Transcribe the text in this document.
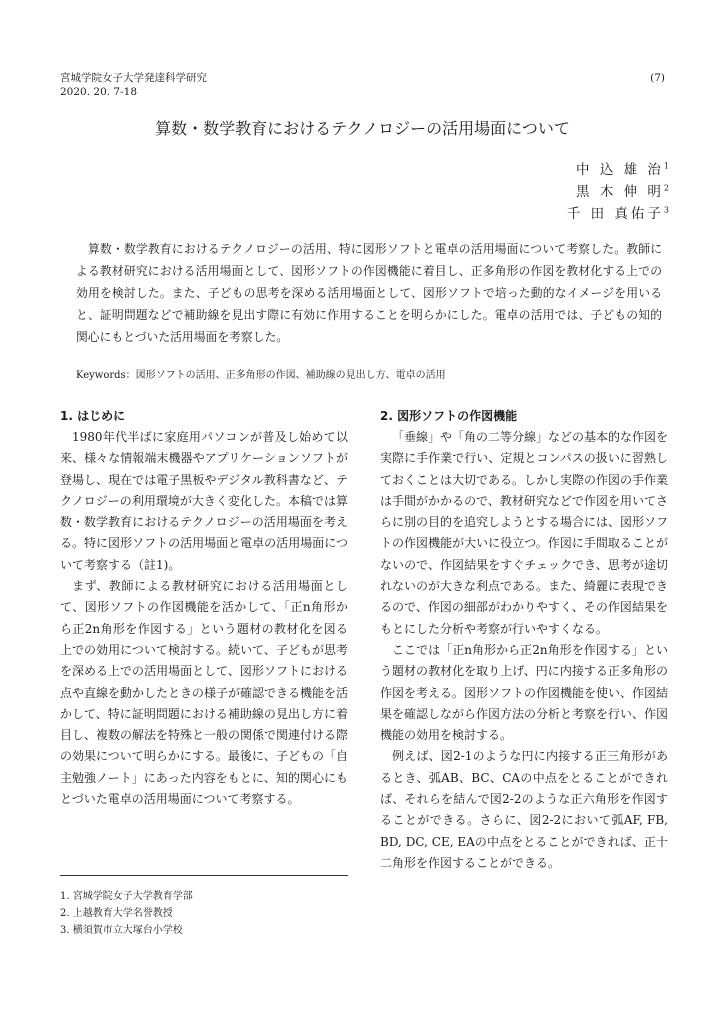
宮城学院女子大学発達科学研究
2020. 20. 7-18
(7)
算数・数学教育におけるテクノロジーの活用場面について
中 込 雄 治$^1$
黒 木 伸 明$^2$
千 田 真佑子$^3$

算数・数学教育におけるテクノロジーの活用、特に図形ソフトと電卓の活用場面について考察した。教師による教材研究における活用場面として、図形ソフトの作図機能に着目し、正多角形の作図を教材化する上での効用を検討した。また、子どもの思考を深める活用場面として、図形ソフトで培った動的なイメージを用いると、証明問題などで補助線を見出す際に有効に作用することを明らかにした。電卓の活用では、子どもの知的関心にもとづいた活用場面を考察した。

Keywords：図形ソフトの活用、正多角形の作図、補助線の見出し方、電卓の活用
1. はじめに

1980年代半ばに家庭用パソコンが普及し始めて以来、様々な情報端末機器やアプリケーションソフトが登場し、現在では電子黒板やデジタル教科書など、テクノロジーの利用環境が大きく変化した。本稿では算数・数学教育におけるテクノロジーの活用場面を考える。特に図形ソフトの活用場面と電卓の活用場面について考察する（註1)。

まず、教師による教材研究における活用場面として、図形ソフトの作図機能を活かして、「正n角形から正2n角形を作図する」という題材の教材化を図る上での効用について検討する。続いて、子どもが思考を深める上での活用場面として、図形ソフトにおける点や直線を動かしたときの様子が確認できる機能を活かして、特に証明問題における補助線の見出し方に着目し、複数の解法を特殊と一般の関係で関連付ける際の効果について明らかにする。最後に、子どもの「自主勉強ノート」にあった内容をもとに、知的関心にもとづいた電卓の活用場面について考察する。

2. 図形ソフトの作図機能

「垂線」や「角の二等分線」などの基本的な作図を実際に手作業で行い、定規とコンパスの扱いに習熟しておくことは大切である。しかし実際の作図の手作業は手間がかかるので、教材研究などで作図を用いてさらに別の目的を追究しようとする場合には、図形ソフトの作図機能が大いに役立つ。作図に手間取ることがないので、作図結果をすぐチェックでき、思考が途切れないのが大きな利点である。また、綺麗に表現できるので、作図の細部がわかりやすく、その作図結果をもとにした分析や考察が行いやすくなる。

ここでは「正n角形から正2n角形を作図する」という題材の教材化を取り上げ、円に内接する正多角形の作図を考える。図形ソフトの作図機能を使い、作図結果を確認しながら作図方法の分析と考察を行い、作図機能の効用を検討する。

例えば、図2-1のような円に内接する正三角形があるとき、弧AB、BC、CAの中点をとることができれば、それらを結んで図2-2のような正六角形を作図することができる。さらに、図2-2において弧AF, FB, BD, DC, CE, EAの中点をとることができれば、正十二角形を作図することができる。

1. 宮城学院女子大学教育学部
2. 上越教育大学名誉教授
3. 横須賀市立大塚台小学校
